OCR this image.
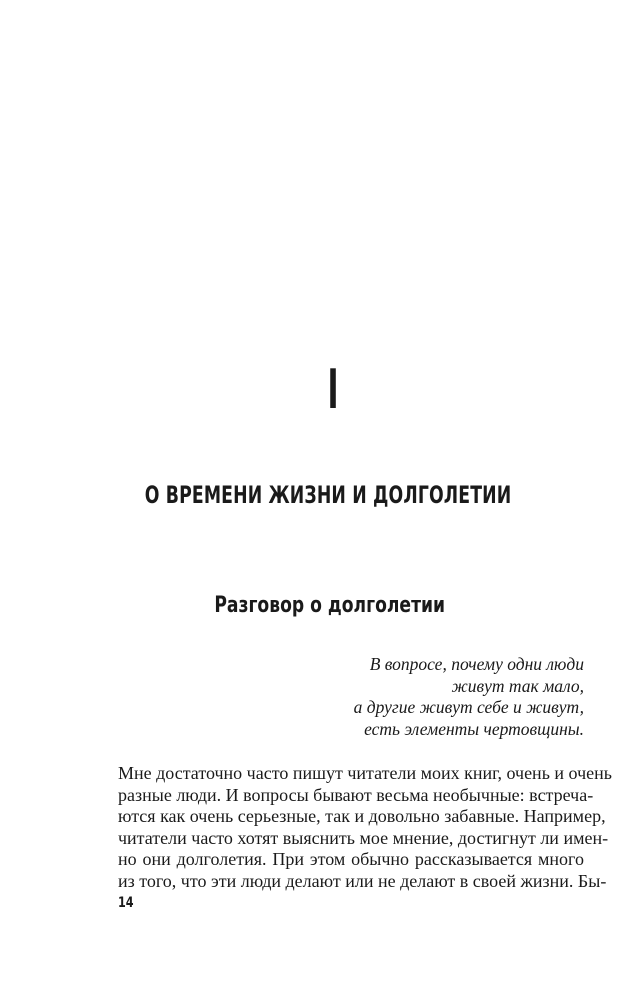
I
О ВРЕМЕНИ ЖИЗНИ И ДОЛГОЛЕТИИ
Разговор о долголетии
В вопросе, почему одни люди
живут так мало,
а другие живут себе и живут,
есть элементы чертовщины.
Мне достаточно часто пишут читатели моих книг, очень и очень
разные люди. И вопросы бывают весьма необычные: встреча-
ются как очень серьезные, так и довольно забавные. Например,
читатели часто хотят выяснить мое мнение, достигнут ли имен-
но они долголетия. При этом обычно рассказывается много
из того, что эти люди делают или не делают в своей жизни. Бы-
14
